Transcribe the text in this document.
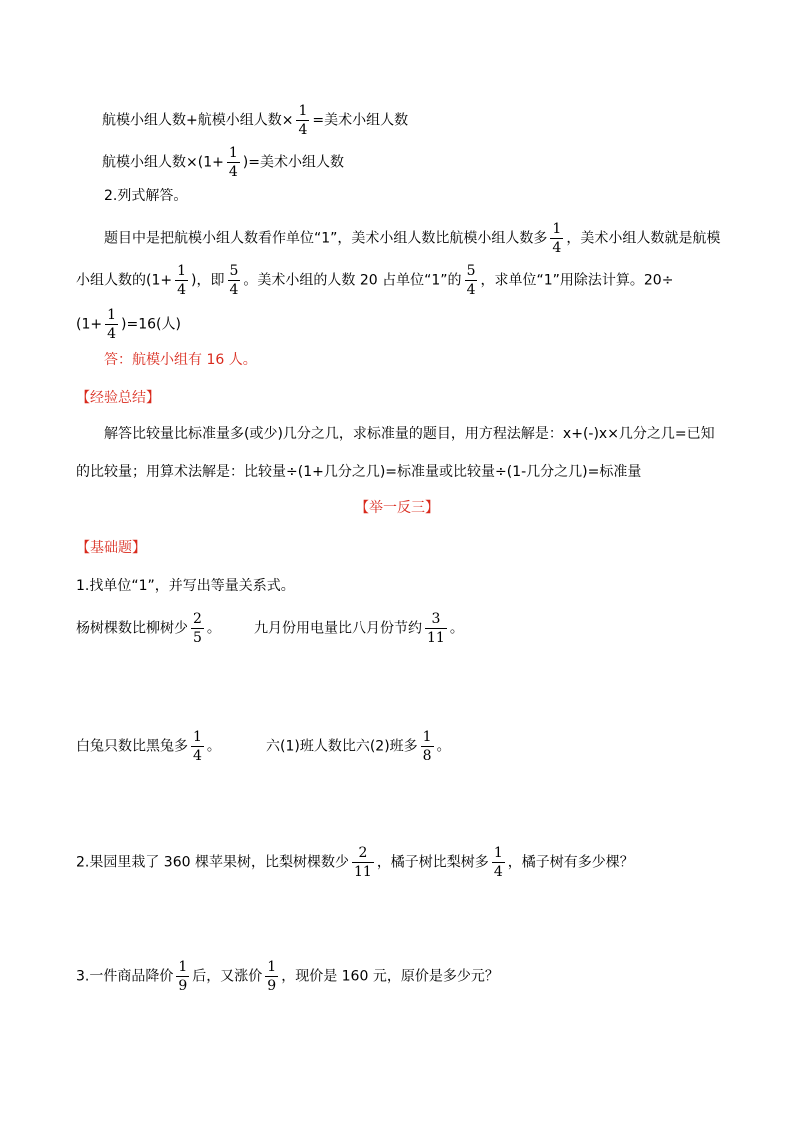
航模小组人数+航模小组人数× $\frac{1}{4}$ =美术小组人数
航模小组人数$\times(1+ \frac{1}{4}$ )=美术小组人数
2.列式解答。
题目中是把航模小组人数看作单位“1”，美术小组人数比航模小组人数多 $\frac{1}{4}$ ，美术小组人数就是航模
小组人数的($1+ \frac{1}{4}$ )，即 $\frac{5}{4}$ 。美术小组的人数 20 占单位“1”的 $\frac{5}{4}$ ，求单位“1”用除法计算。20÷
$(1+ \frac{1}{4} )=16$(人)
答：航模小组有 16 人。
【经验总结】
解答比较量比标准量多(或少)几分之几，求标准量的题目，用方程法解是：x+(-)x×几分之几=已知
的比较量；用算术法解是：比较量÷(1+几分之几)=标准量或比较量÷(1-几分之几)=标准量
【举一反三】
【基础题】
1.找单位“1”，并写出等量关系式。
杨树棵数比柳树少 $\frac{2}{5}$ 。 九月份用电量比八月份节约 $\frac{3}{11}$ 。
白兔只数比黑兔多 $\frac{1}{4}$ 。	六(1)班人数比六(2)班多 $\frac{1}{8}$ 。
2.果园里栽了 360 棵苹果树，比梨树棵数少 $\frac{2}{11}$ ，橘子树比梨树多 $\frac{1}{4}$ ，橘子树有多少棵？
3.一件商品降价 $\frac{1}{9}$ 后，又涨价 $\frac{1}{9}$ ，现价是 160 元，原价是多少元？
